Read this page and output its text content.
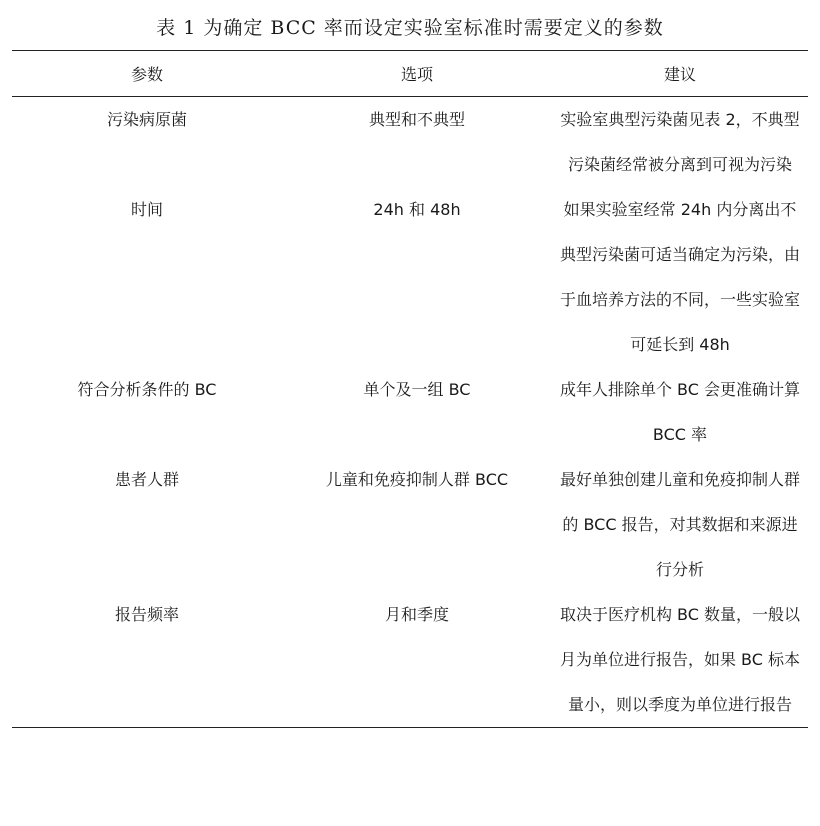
表 1 为确定 BCC 率而设定实验室标准时需要定义的参数
参数	选项	建议
污染病原菌	典型和不典型	实验室典型污染菌见表 2，不典型污染菌经常被分离到可视为污染
时间	24h 和 48h	如果实验室经常 24h 内分离出不典型污染菌可适当确定为污染，由于血培养方法的不同，一些实验室可延长到 48h
符合分析条件的 BC	单个及一组 BC	成年人排除单个 BC 会更准确计算 BCC 率
患者人群	儿童和免疫抑制人群 BCC	最好单独创建儿童和免疫抑制人群的 BCC 报告，对其数据和来源进行分析
报告频率	月和季度	取决于医疗机构 BC 数量，一般以月为单位进行报告，如果 BC 标本量小，则以季度为单位进行报告
